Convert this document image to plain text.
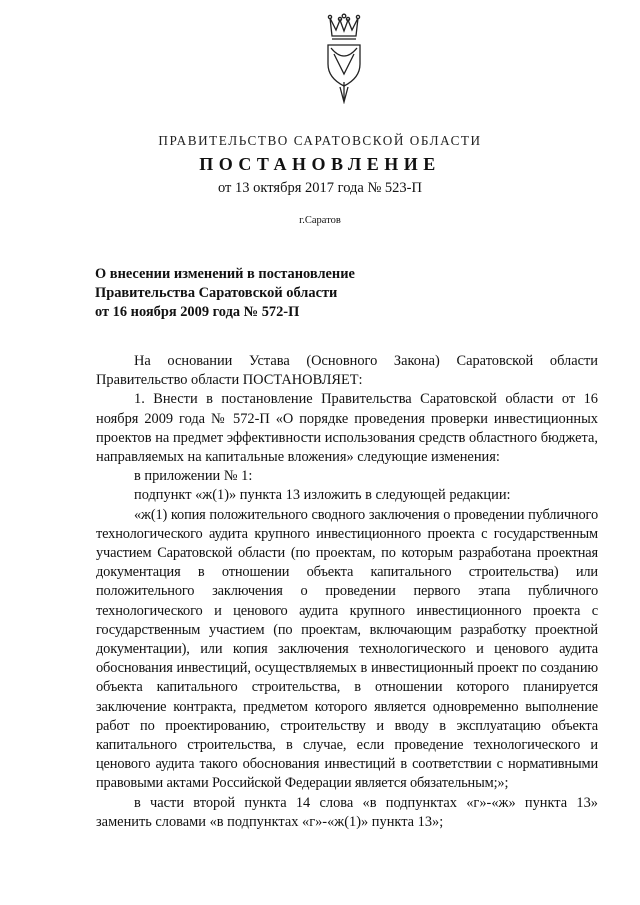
ПРАВИТЕЛЬСТВО САРАТОВСКОЙ ОБЛАСТИ
ПОСТАНОВЛЕНИЕ
от 13 октября 2017 года № 523-П
г.Саратов
О внесении изменений в постановление
Правительства Саратовской области
от 16 ноября 2009 года № 572-П

На основании Устава (Основного Закона) Саратовской области Правительство области ПОСТАНОВЛЯЕТ:

1. Внести в постановление Правительства Саратовской области от 16 ноября 2009 года № 572-П «О порядке проведения проверки инвестиционных проектов на предмет эффективности использования средств областного бюджета, направляемых на капитальные вложения» следующие изменения:

в приложении № 1:

подпункт «ж(1)» пункта 13 изложить в следующей редакции:

«ж(1) копия положительного сводного заключения о проведении публичного технологического аудита крупного инвестиционного проекта с государственным участием Саратовской области (по проектам, по которым разработана проектная документация в отношении объекта капитального строительства) или положительного заключения о проведении первого этапа публичного технологического и ценового аудита крупного инвестиционного проекта с государственным участием (по проектам, включающим разработку проектной документации), или копия заключения технологического и ценового аудита обоснования инвестиций, осуществляемых в инвестиционный проект по созданию объекта капитального строительства, в отношении которого планируется заключение контракта, предметом которого является одновременно выполнение работ по проектированию, строительству и вводу в эксплуатацию объекта капитального строительства, в случае, если проведение технологического и ценового аудита такого обоснования инвестиций в соответствии с нормативными правовыми актами Российской Федерации является обязательным;»;

в части второй пункта 14 слова «в подпунктах «г»-«ж» пункта 13» заменить словами «в подпунктах «г»-«ж(1)» пункта 13»;
